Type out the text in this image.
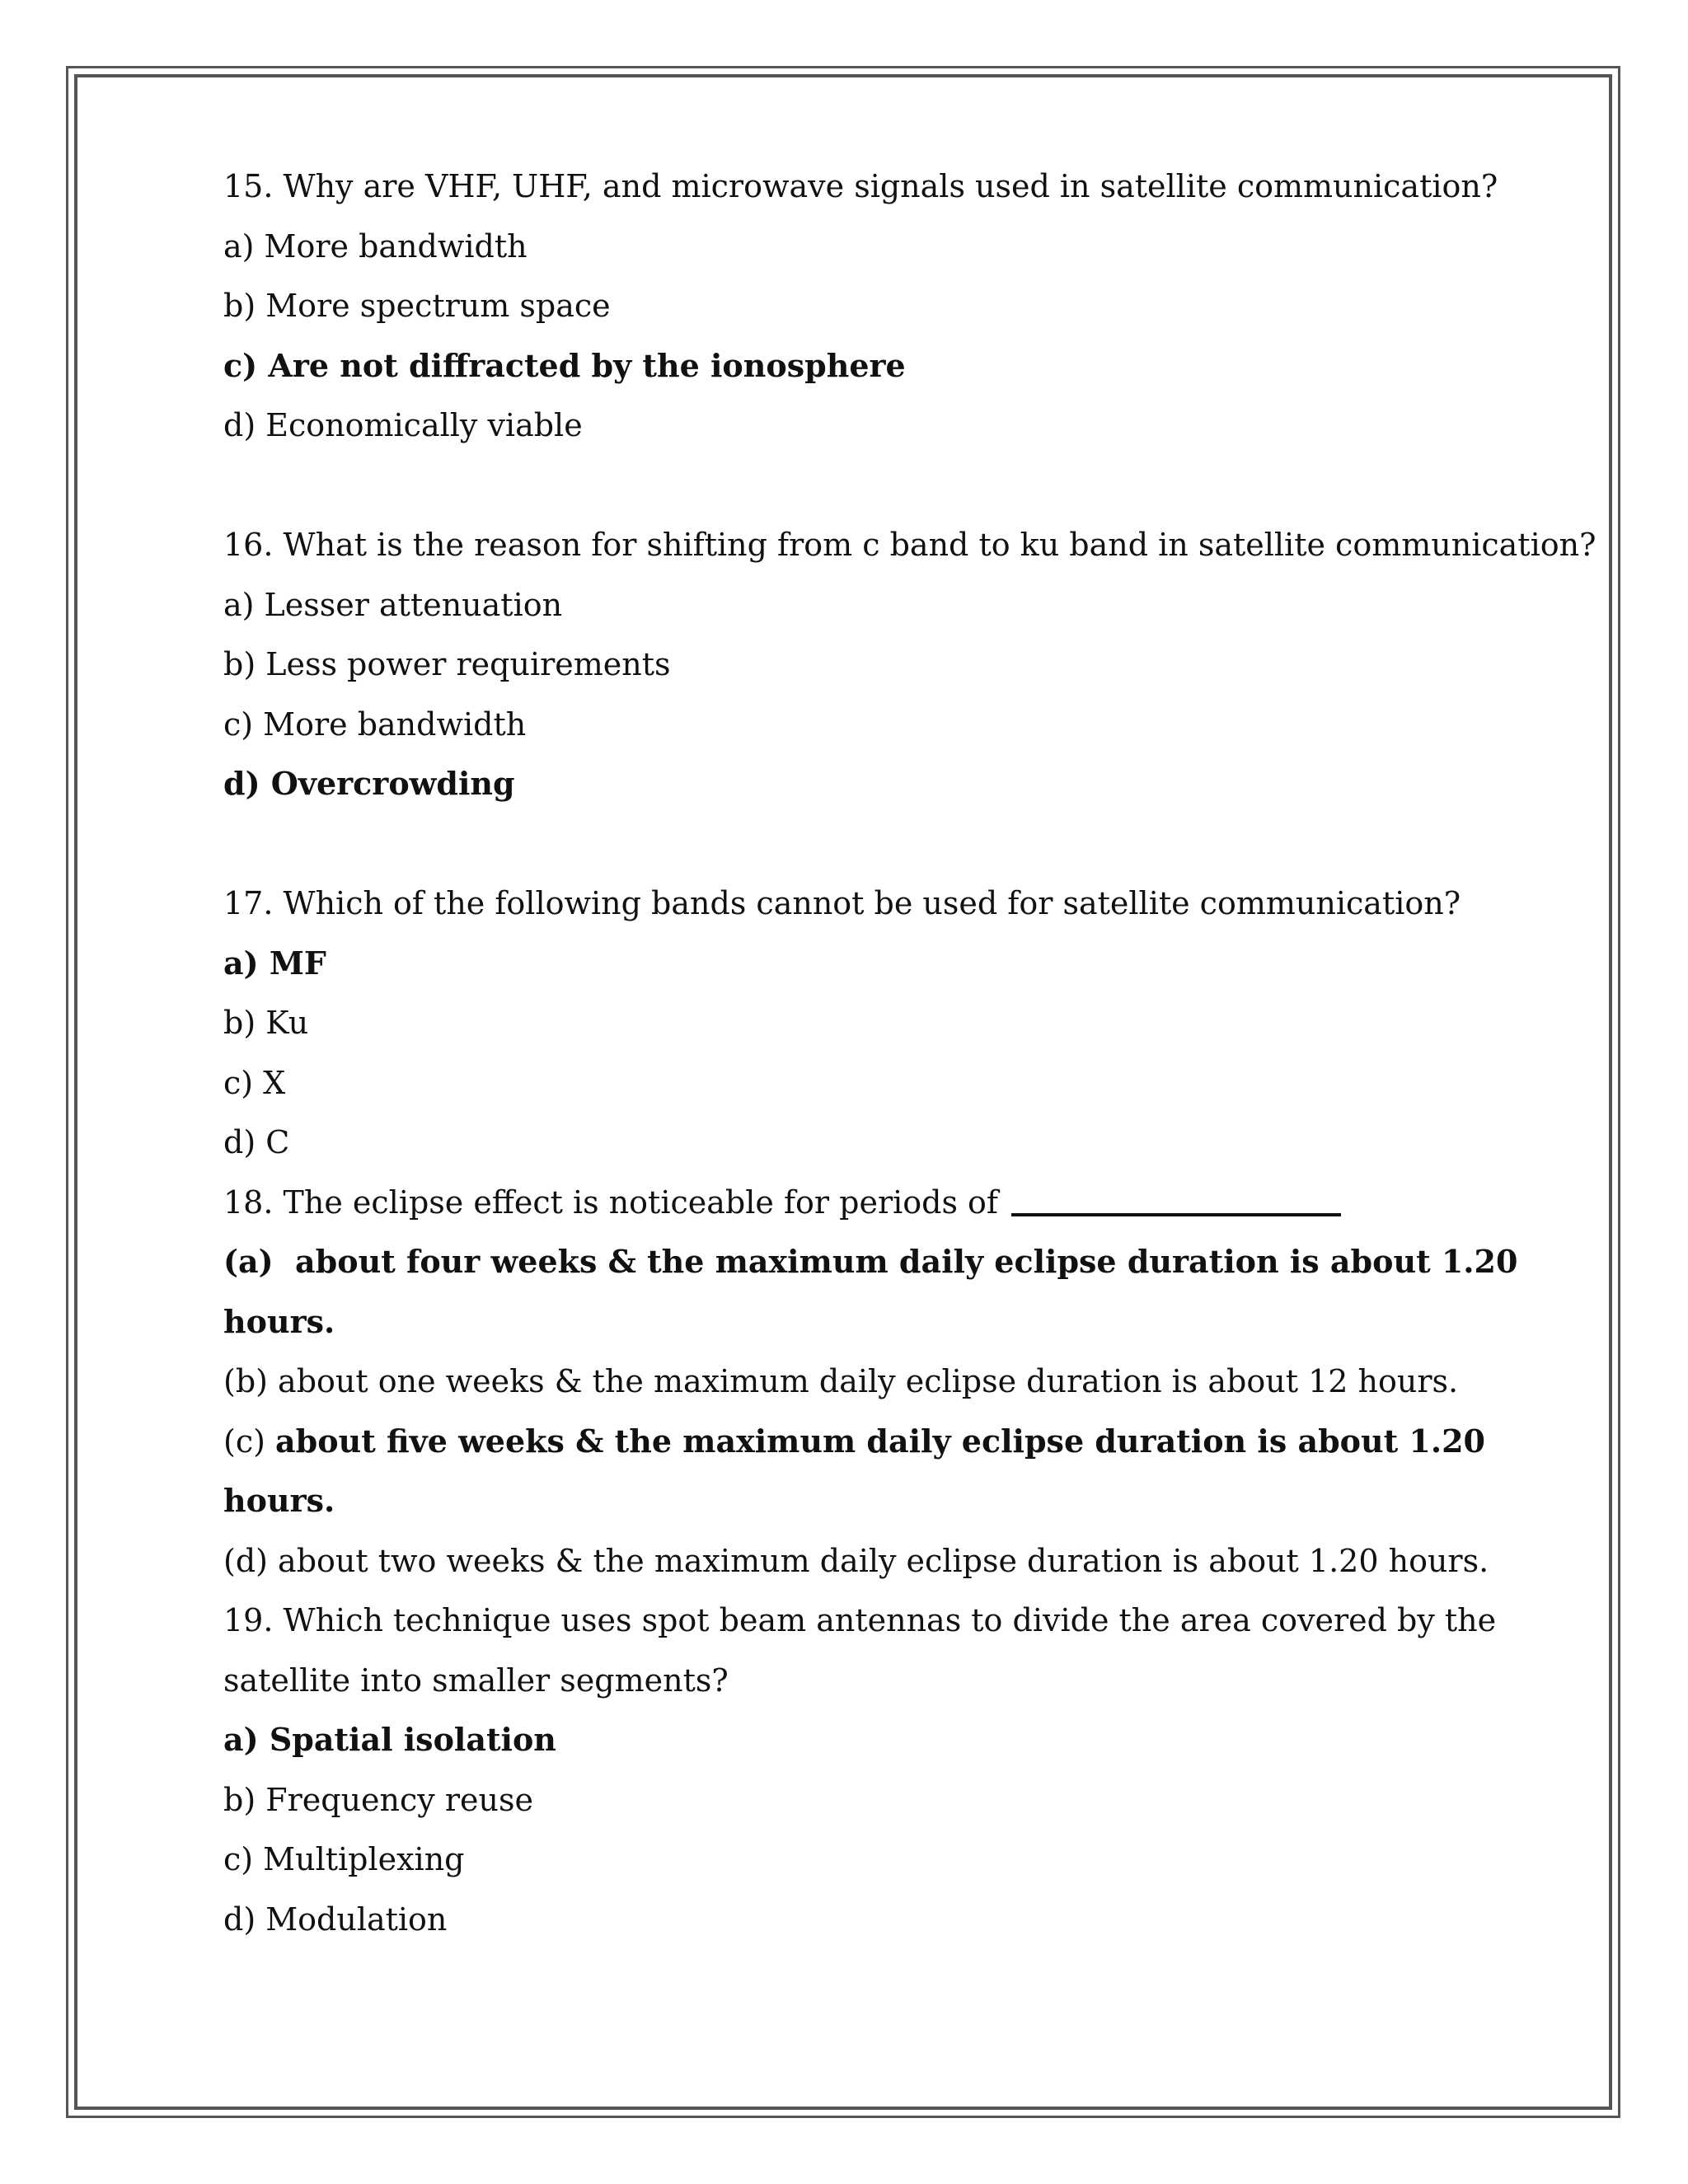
15. Why are VHF, UHF, and microwave signals used in satellite communication?
a) More bandwidth
b) More spectrum space
c) Are not diffracted by the ionosphere
d) Economically viable
16. What is the reason for shifting from c band to ku band in satellite communication?
a) Lesser attenuation
b) Less power requirements
c) More bandwidth
d) Overcrowding
17. Which of the following bands cannot be used for satellite communication?
a) MF
b) Ku
c) X
d) C
18. The eclipse effect is noticeable for periods of
(a)  about four weeks & the maximum daily eclipse duration is about 1.20
hours.
(b) about one weeks & the maximum daily eclipse duration is about 12 hours.
(c) about five weeks & the maximum daily eclipse duration is about 1.20
hours.
(d) about two weeks & the maximum daily eclipse duration is about 1.20 hours.
19. Which technique uses spot beam antennas to divide the area covered by the
satellite into smaller segments?
a) Spatial isolation
b) Frequency reuse
c) Multiplexing
d) Modulation
